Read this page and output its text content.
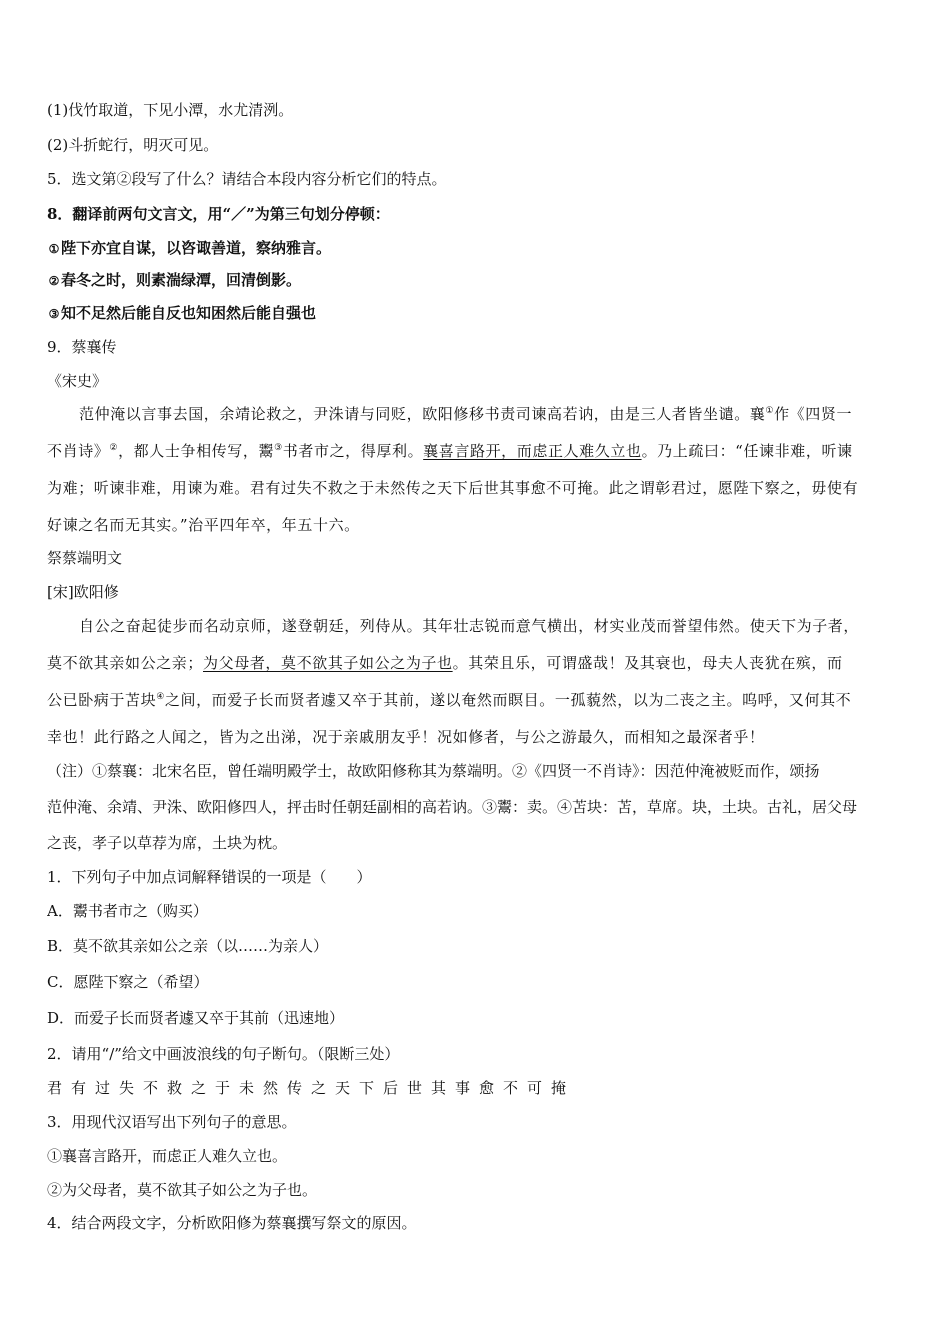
(1)伐竹取道，下见小潭，水尤清洌。
(2)斗折蛇行，明灭可见。
5．选文第②段写了什么？请结合本段内容分析它们的特点。
8．翻译前两句文言文，用“／”为第三句划分停顿：
① 陛下亦宜自谋，以咨诹善道，察纳雅言。
② 春冬之时，则素湍绿潭，回清倒影。
③ 知不足然后能自反也知困然后能自强也
9．蔡襄传
《宋史》
范仲淹以言事去国，余靖论救之，尹洙请与同贬，欧阳修移书责司谏高若讷，由是三人者皆坐谴。襄①作《四贤一
不肖诗》②，都人士争相传写，鬻③书者市之，得厚利。襄喜言路开，而虑正人难久立也。乃上疏曰：“任谏非难，听谏
为难；听谏非难，用谏为难。君有过失不救之于未然传之天下后世其事愈不可掩。此之谓彰君过，愿陛下察之，毋使有
好谏之名而无其实。”治平四年卒，年五十六。
祭蔡端明文
[宋]欧阳修
自公之奋起徒步而名动京师，遂登朝廷，列侍从。其年壮志锐而意气横出，材实业茂而誉望伟然。使天下为子者，
莫不欲其亲如公之亲；为父母者，莫不欲其子如公之为子也。其荣且乐，可谓盛哉！及其衰也，母夫人丧犹在殡，而
公已卧病于苫块④之间，而爱子长而贤者遽又卒于其前，遂以奄然而瞑目。一孤藐然，以为二丧之主。呜呼，又何其不
幸也！此行路之人闻之，皆为之出涕，况于亲戚朋友乎！况如修者，与公之游最久，而相知之最深者乎！
（注）①蔡襄：北宋名臣，曾任端明殿学士，故欧阳修称其为蔡端明。②《四贤一不肖诗》：因范仲淹被贬而作，颂扬
范仲淹、余靖、尹洙、欧阳修四人，抨击时任朝廷副相的高若讷。③鬻：卖。④苫块：苫，草席。块，土块。古礼，居父母
之丧，孝子以草荐为席，土块为枕。
1．下列句子中加点词解释错误的一项是（　　）
A．鬻书者市之（购买）
B．莫不欲其亲如公之亲（以……为亲人）
C．愿陛下察之（希望）
D．而爱子长而贤者遽又卒于其前（迅速地）
2．请用“/”给文中画波浪线的句子断句。（限断三处）
君有过失不救之于未然传之天下后世其事愈不可掩
3．用现代汉语写出下列句子的意思。
①襄喜言路开，而虑正人难久立也。
②为父母者，莫不欲其子如公之为子也。
4．结合两段文字，分析欧阳修为蔡襄撰写祭文的原因。
